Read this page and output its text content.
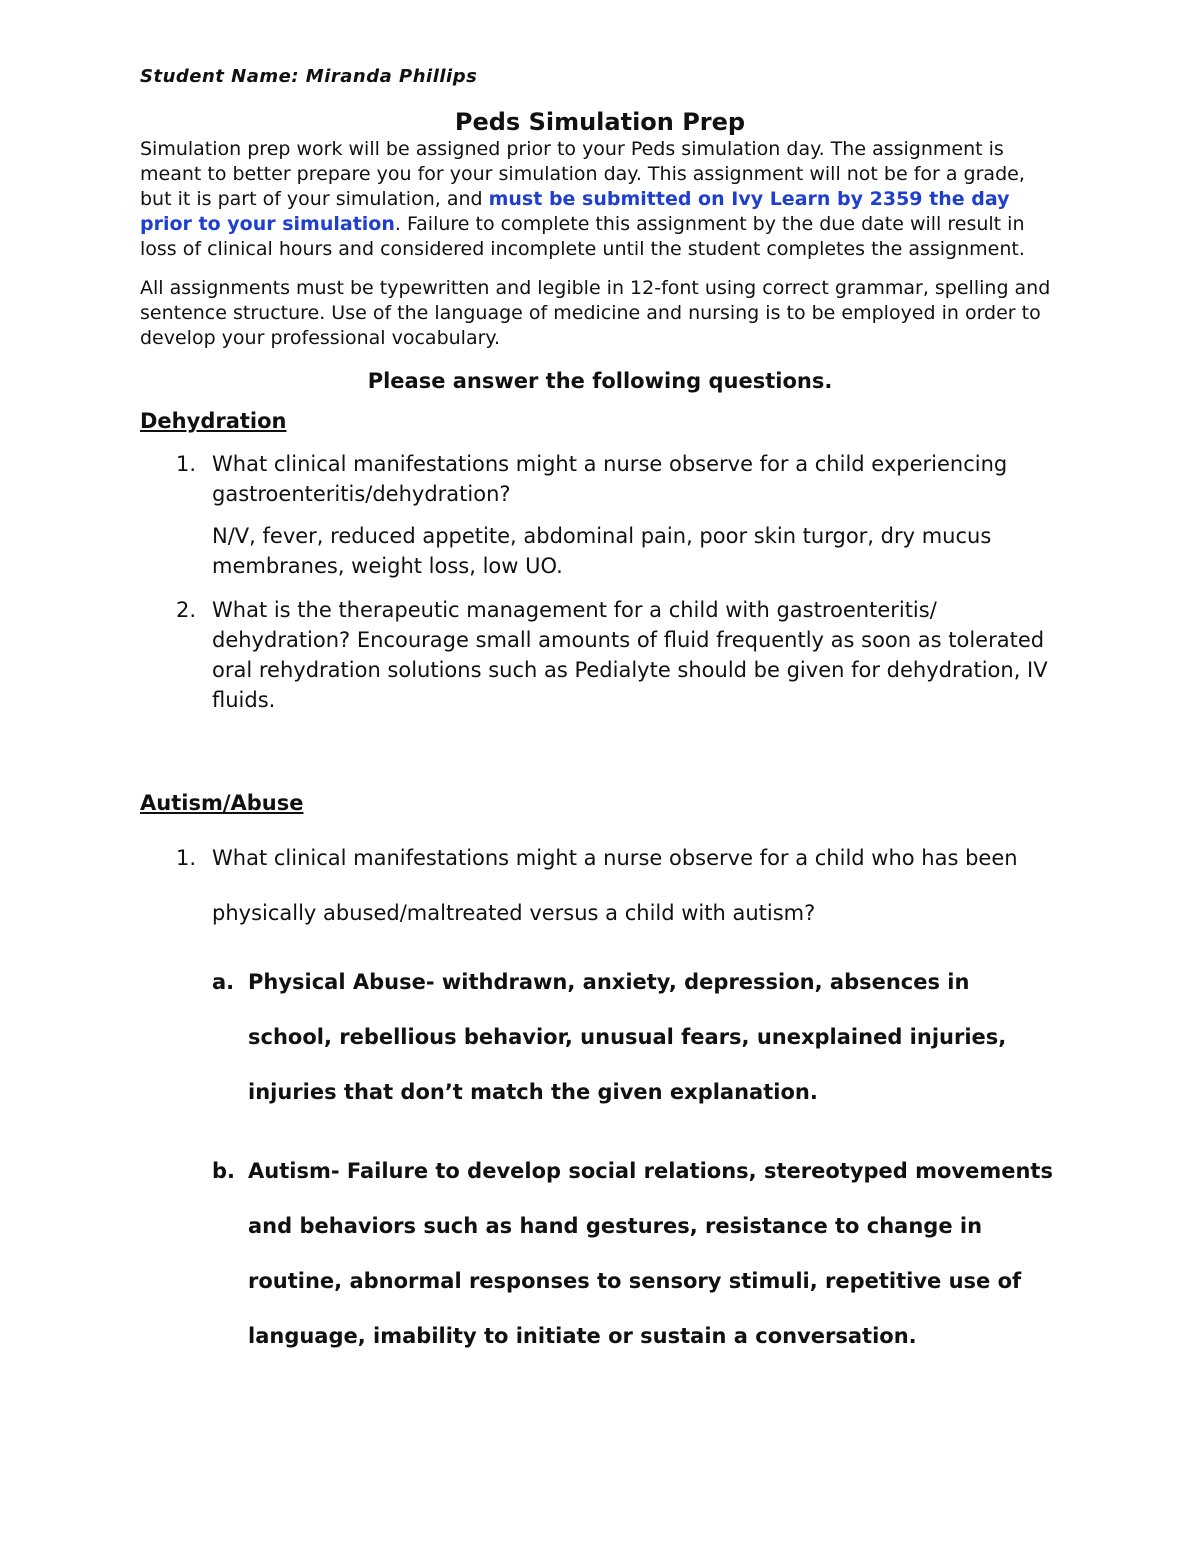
Student Name: Miranda Phillips

Peds Simulation Prep

Simulation prep work will be assigned prior to your Peds simulation day. The assignment is meant to better prepare you for your simulation day. This assignment will not be for a grade, but it is part of your simulation, and must be submitted on Ivy Learn by 2359 the day prior to your simulation. Failure to complete this assignment by the due date will result in loss of clinical hours and considered incomplete until the student completes the assignment.

All assignments must be typewritten and legible in 12-font using correct grammar, spelling and sentence structure. Use of the language of medicine and nursing is to be employed in order to develop your professional vocabulary.

Please answer the following questions.

Dehydration
1. What clinical manifestations might a nurse observe for a child experiencing gastroenteritis/dehydration?
N/V, fever, reduced appetite, abdominal pain, poor skin turgor, dry mucus membranes, weight loss, low UO.
2. What is the therapeutic management for a child with gastroenteritis/ dehydration? Encourage small amounts of fluid frequently as soon as tolerated oral rehydration solutions such as Pedialyte should be given for dehydration, IV fluids.
Autism/Abuse
1. What clinical manifestations might a nurse observe for a child who has been physically abused/maltreated versus a child with autism?
a. Physical Abuse- withdrawn, anxiety, depression, absences in school, rebellious behavior, unusual fears, unexplained injuries, injuries that don’t match the given explanation.
b. Autism- Failure to develop social relations, stereotyped movements and behaviors such as hand gestures, resistance to change in routine, abnormal responses to sensory stimuli, repetitive use of language, imability to initiate or sustain a conversation.
